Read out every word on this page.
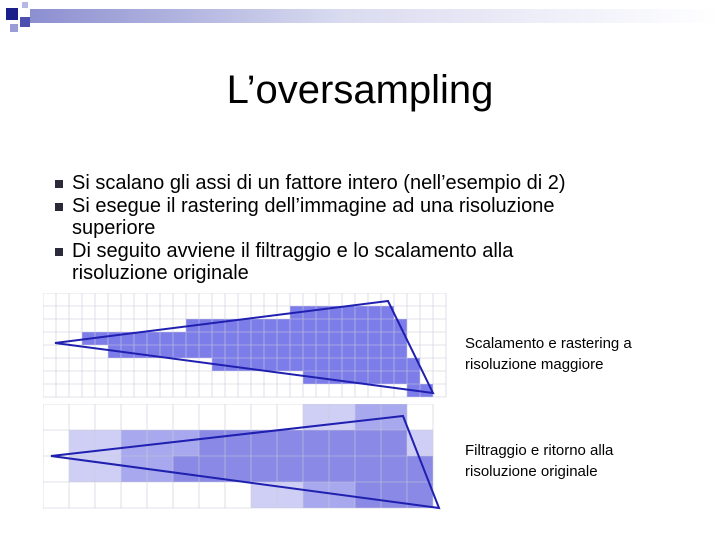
L’oversampling
Si scalano gli assi di un fattore intero (nell’esempio di 2)
Si esegue il rastering dell’immagine ad una risoluzione
superiore
Di seguito avviene il filtraggio e lo scalamento alla
risoluzione originale
Scalamento e rastering a
risoluzione maggiore
Filtraggio e ritorno alla
risoluzione originale
